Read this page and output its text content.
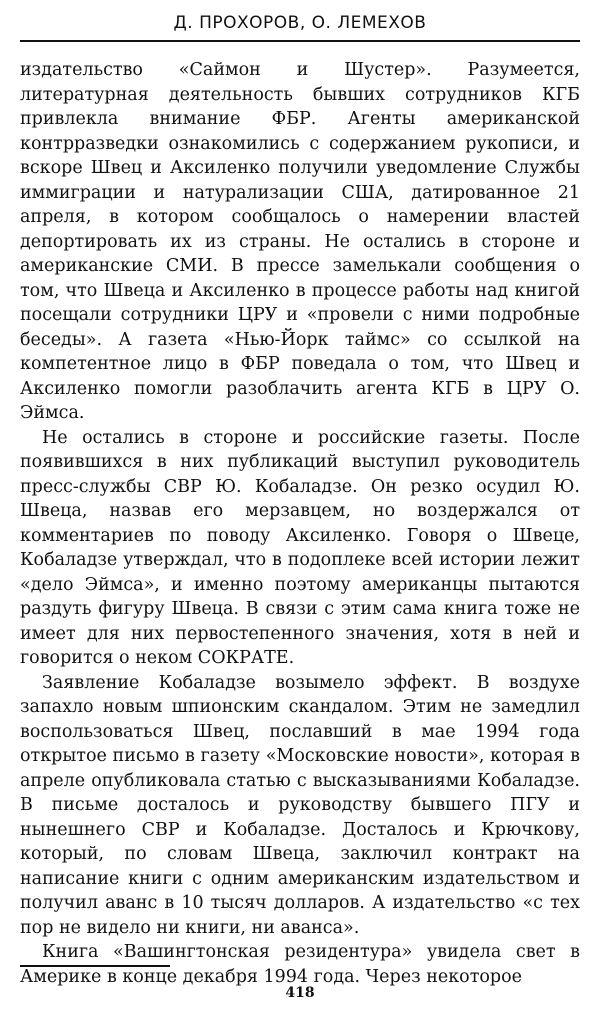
Д. ПРОХОРОВ, О. ЛЕМЕХОВ

издательство «Саймон и Шустер». Разумеется, литературная деятельность бывших сотрудников КГБ привлекла внимание ФБР. Агенты американской контрразведки ознакомились с содержанием рукописи, и вскоре Швец и Аксиленко получили уведомление Службы иммиграции и натурализации США, датированное 21 апреля, в котором сообщалось о намерении властей депортировать их из страны. Не остались в стороне и американские СМИ. В прессе замелькали сообщения о том, что Швеца и Аксиленко в процессе работы над книгой посещали сотрудники ЦРУ и «провели с ними подробные беседы». А газета «Нью-Йорк таймс» со ссылкой на компетентное лицо в ФБР поведала о том, что Швец и Аксиленко помогли разоблачить агента КГБ в ЦРУ О. Эймса.

Не остались в стороне и российские газеты. После появившихся в них публикаций выступил руководитель пресс-службы СВР Ю. Кобаладзе. Он резко осудил Ю. Швеца, назвав его мерзавцем, но воздержался от комментариев по поводу Аксиленко. Говоря о Швеце, Кобаладзе утверждал, что в подоплеке всей истории лежит «дело Эймса», и именно поэтому американцы пытаются раздуть фигуру Швеца. В связи с этим сама книга тоже не имеет для них первостепенного значения, хотя в ней и говорится о неком СОКРАТЕ.

Заявление Кобаладзе возымело эффект. В воздухе запахло новым шпионским скандалом. Этим не замедлил воспользоваться Швец, пославший в мае 1994 года открытое письмо в газету «Московские новости», которая в апреле опубликовала статью с высказываниями Кобаладзе. В письме досталось и руководству бывшего ПГУ и нынешнего СВР и Кобаладзе. Досталось и Крючкову, который, по словам Швеца, заключил контракт на написание книги с одним американским издательством и получил аванс в 10 тысяч долларов. А издательство «с тех пор не видело ни книги, ни аванса».

Книга «Вашингтонская резидентура» увидела свет в Америке в конце декабря 1994 года. Через некоторое

418
